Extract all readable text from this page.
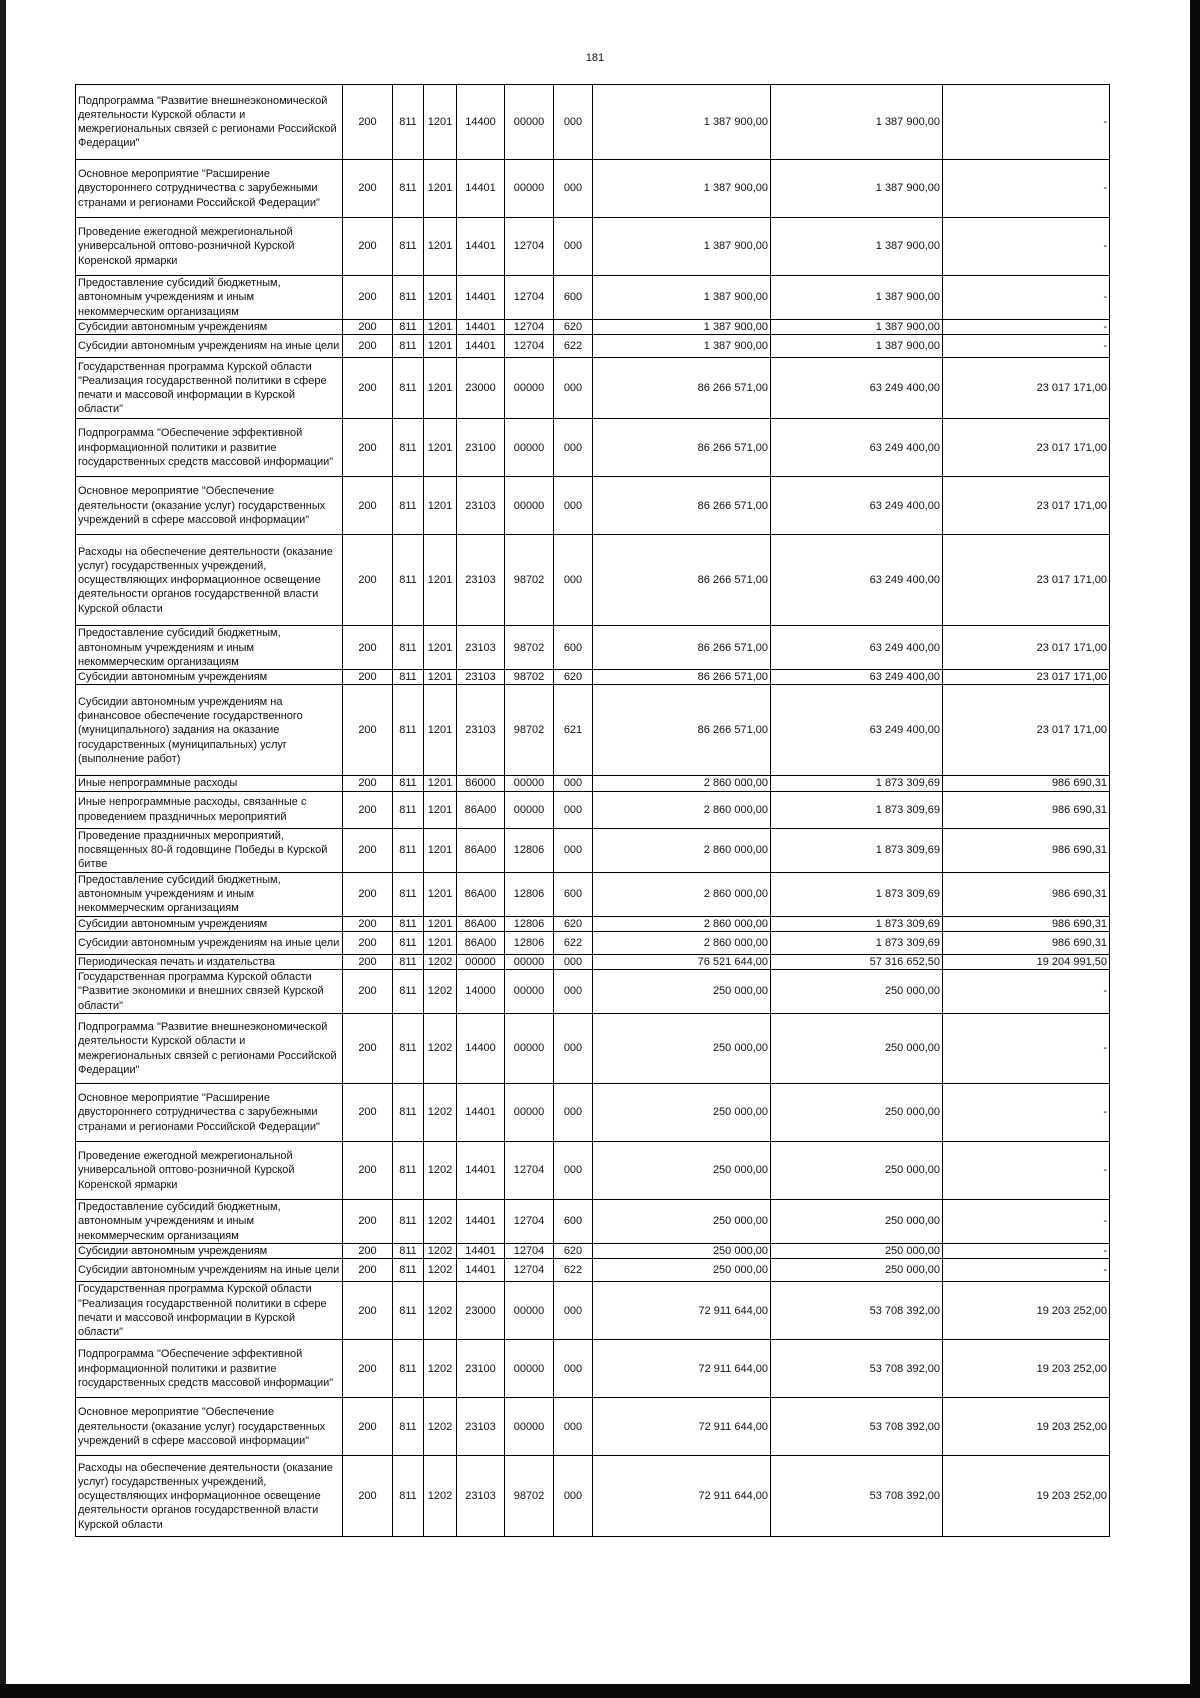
181
Подпрограмма "Развитие внешнеэкономической деятельности Курской области и межрегиональных связей с регионами Российской Федерации"	200	811	1201	14400	00000	000	1 387 900,00	1 387 900,00	-
Основное мероприятие "Расширение двустороннего сотрудничества с зарубежными странами и регионами Российской Федерации"	200	811	1201	14401	00000	000	1 387 900,00	1 387 900,00	-
Проведение ежегодной межрегиональной универсальной оптово-розничной Курской Коренской ярмарки	200	811	1201	14401	12704	000	1 387 900,00	1 387 900,00	-
Предоставление субсидий бюджетным, автономным учреждениям и иным некоммерческим организациям	200	811	1201	14401	12704	600	1 387 900,00	1 387 900,00	-
Субсидии автономным учреждениям	200	811	1201	14401	12704	620	1 387 900,00	1 387 900,00	-
Субсидии автономным учреждениям на иные цели	200	811	1201	14401	12704	622	1 387 900,00	1 387 900,00	-
Государственная программа Курской области "Реализация государственной политики в сфере печати и массовой информации в Курской области"	200	811	1201	23000	00000	000	86 266 571,00	63 249 400,00	23 017 171,00
Подпрограмма "Обеспечение эффективной информационной политики и развитие государственных средств массовой информации"	200	811	1201	23100	00000	000	86 266 571,00	63 249 400,00	23 017 171,00
Основное мероприятие "Обеспечение деятельности (оказание услуг) государственных учреждений в сфере массовой информации"	200	811	1201	23103	00000	000	86 266 571,00	63 249 400,00	23 017 171,00
Расходы на обеспечение деятельности (оказание услуг) государственных учреждений, осуществляющих информационное освещение деятельности органов государственной власти Курской области	200	811	1201	23103	98702	000	86 266 571,00	63 249 400,00	23 017 171,00
Предоставление субсидий бюджетным, автономным учреждениям и иным некоммерческим организациям	200	811	1201	23103	98702	600	86 266 571,00	63 249 400,00	23 017 171,00
Субсидии автономным учреждениям	200	811	1201	23103	98702	620	86 266 571,00	63 249 400,00	23 017 171,00
Субсидии автономным учреждениям на финансовое обеспечение государственного (муниципального) задания на оказание государственных (муниципальных) услуг (выполнение работ)	200	811	1201	23103	98702	621	86 266 571,00	63 249 400,00	23 017 171,00
Иные непрограммные расходы	200	811	1201	86000	00000	000	2 860 000,00	1 873 309,69	986 690,31
Иные непрограммные расходы, связанные с проведением праздничных мероприятий	200	811	1201	86А00	00000	000	2 860 000,00	1 873 309,69	986 690,31
Проведение праздничных мероприятий, посвященных 80-й годовщине Победы в Курской битве	200	811	1201	86А00	12806	000	2 860 000,00	1 873 309,69	986 690,31
Предоставление субсидий бюджетным, автономным учреждениям и иным некоммерческим организациям	200	811	1201	86А00	12806	600	2 860 000,00	1 873 309,69	986 690,31
Субсидии автономным учреждениям	200	811	1201	86А00	12806	620	2 860 000,00	1 873 309,69	986 690,31
Субсидии автономным учреждениям на иные цели	200	811	1201	86А00	12806	622	2 860 000,00	1 873 309,69	986 690,31
Периодическая печать и издательства	200	811	1202	00000	00000	000	76 521 644,00	57 316 652,50	19 204 991,50
Государственная программа Курской области "Развитие экономики и внешних связей Курской области"	200	811	1202	14000	00000	000	250 000,00	250 000,00	-
Подпрограмма "Развитие внешнеэкономической деятельности Курской области и межрегиональных связей с регионами Российской Федерации"	200	811	1202	14400	00000	000	250 000,00	250 000,00	-
Основное мероприятие "Расширение двустороннего сотрудничества с зарубежными странами и регионами Российской Федерации"	200	811	1202	14401	00000	000	250 000,00	250 000,00	-
Проведение ежегодной межрегиональной универсальной оптово-розничной Курской Коренской ярмарки	200	811	1202	14401	12704	000	250 000,00	250 000,00	-
Предоставление субсидий бюджетным, автономным учреждениям и иным некоммерческим организациям	200	811	1202	14401	12704	600	250 000,00	250 000,00	-
Субсидии автономным учреждениям	200	811	1202	14401	12704	620	250 000,00	250 000,00	-
Субсидии автономным учреждениям на иные цели	200	811	1202	14401	12704	622	250 000,00	250 000,00	-
Государственная программа Курской области "Реализация государственной политики в сфере печати и массовой информации в Курской области"	200	811	1202	23000	00000	000	72 911 644,00	53 708 392,00	19 203 252,00
Подпрограмма "Обеспечение эффективной информационной политики и развитие государственных средств массовой информации"	200	811	1202	23100	00000	000	72 911 644,00	53 708 392,00	19 203 252,00
Основное мероприятие "Обеспечение деятельности (оказание услуг) государственных учреждений в сфере массовой информации"	200	811	1202	23103	00000	000	72 911 644,00	53 708 392,00	19 203 252,00
Расходы на обеспечение деятельности (оказание услуг) государственных учреждений, осуществляющих информационное освещение деятельности органов государственной власти Курской области	200	811	1202	23103	98702	000	72 911 644,00	53 708 392,00	19 203 252,00
